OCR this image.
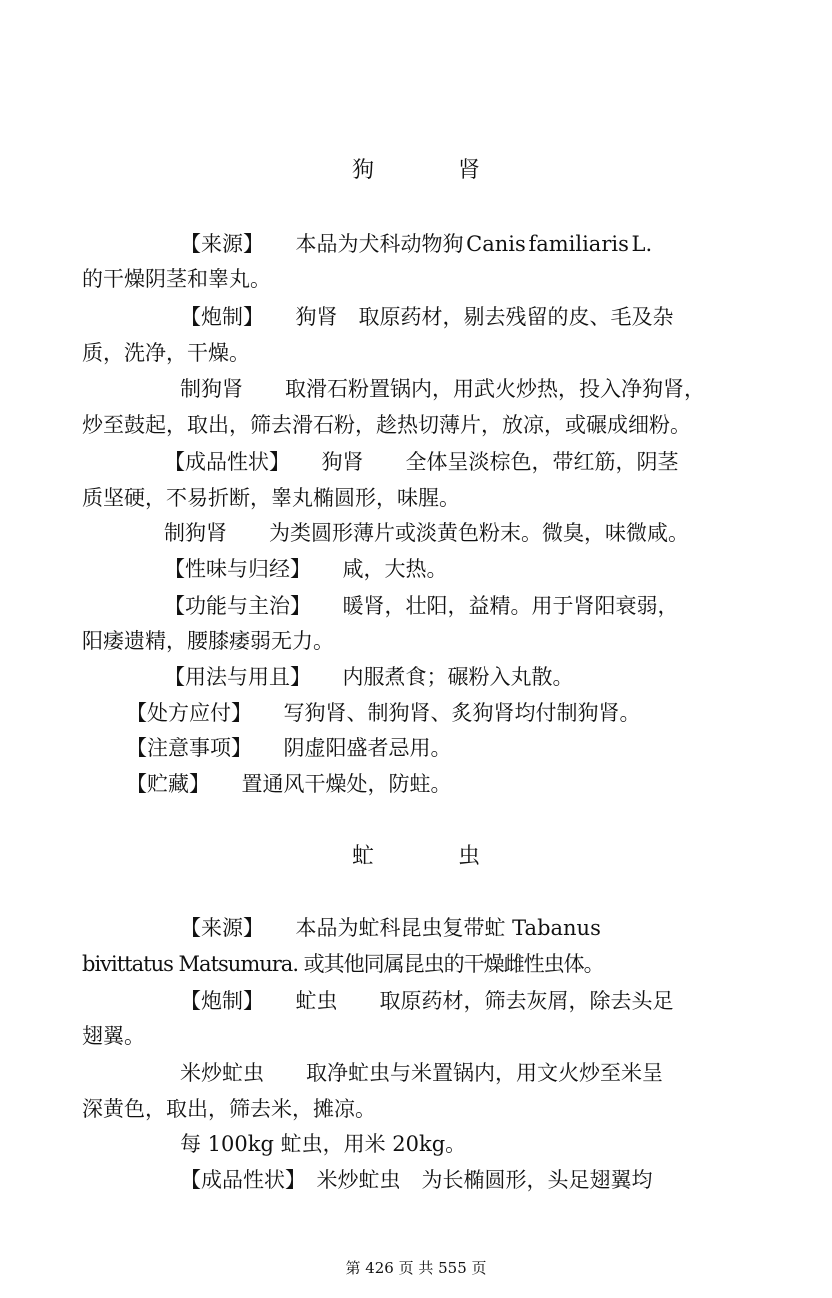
狗	肾
【来源】　　本品为犬科动物狗 Canis familiaris L.
的干燥阴茎和睾丸。
【炮制】　　狗肾　取原药材，剔去残留的皮、毛及杂
质，洗净，干燥。
制狗肾　　取滑石粉置锅内，用武火炒热，投入净狗肾，
炒至鼓起，取出，筛去滑石粉，趁热切薄片，放凉，或碾成细粉。
【成品性状】　　狗肾　　全体呈淡棕色，带红筋，阴茎
质坚硬，不易折断，睾丸椭圆形，味腥。
制狗肾　　为类圆形薄片或淡黄色粉末。微臭，味微咸。
【性味与归经】　　咸，大热。
【功能与主治】　　暖肾，壮阳，益精。用于肾阳衰弱，
阳痿遗精，腰膝痿弱无力。
【用法与用且】　　内服煮食；碾粉入丸散。
【处方应付】　　写狗肾、制狗肾、炙狗肾均付制狗肾。
【注意事项】　　阴虚阳盛者忌用。
【贮藏】　　置通风干燥处，防蛀。
虻	虫
【来源】　　本品为虻科昆虫复带虻 Tabanus
bivittatus Matsumura. 或其他同属昆虫的干燥雌性虫体。
【炮制】　　虻虫　　取原药材，筛去灰屑，除去头足
翅翼。
米炒虻虫　　取净虻虫与米置锅内，用文火炒至米呈
深黄色，取出，筛去米，摊凉。
每 100kg 虻虫，用米 20kg。
【成品性状】　米炒虻虫　为长椭圆形，头足翅翼均
第 426 页 共 555 页
